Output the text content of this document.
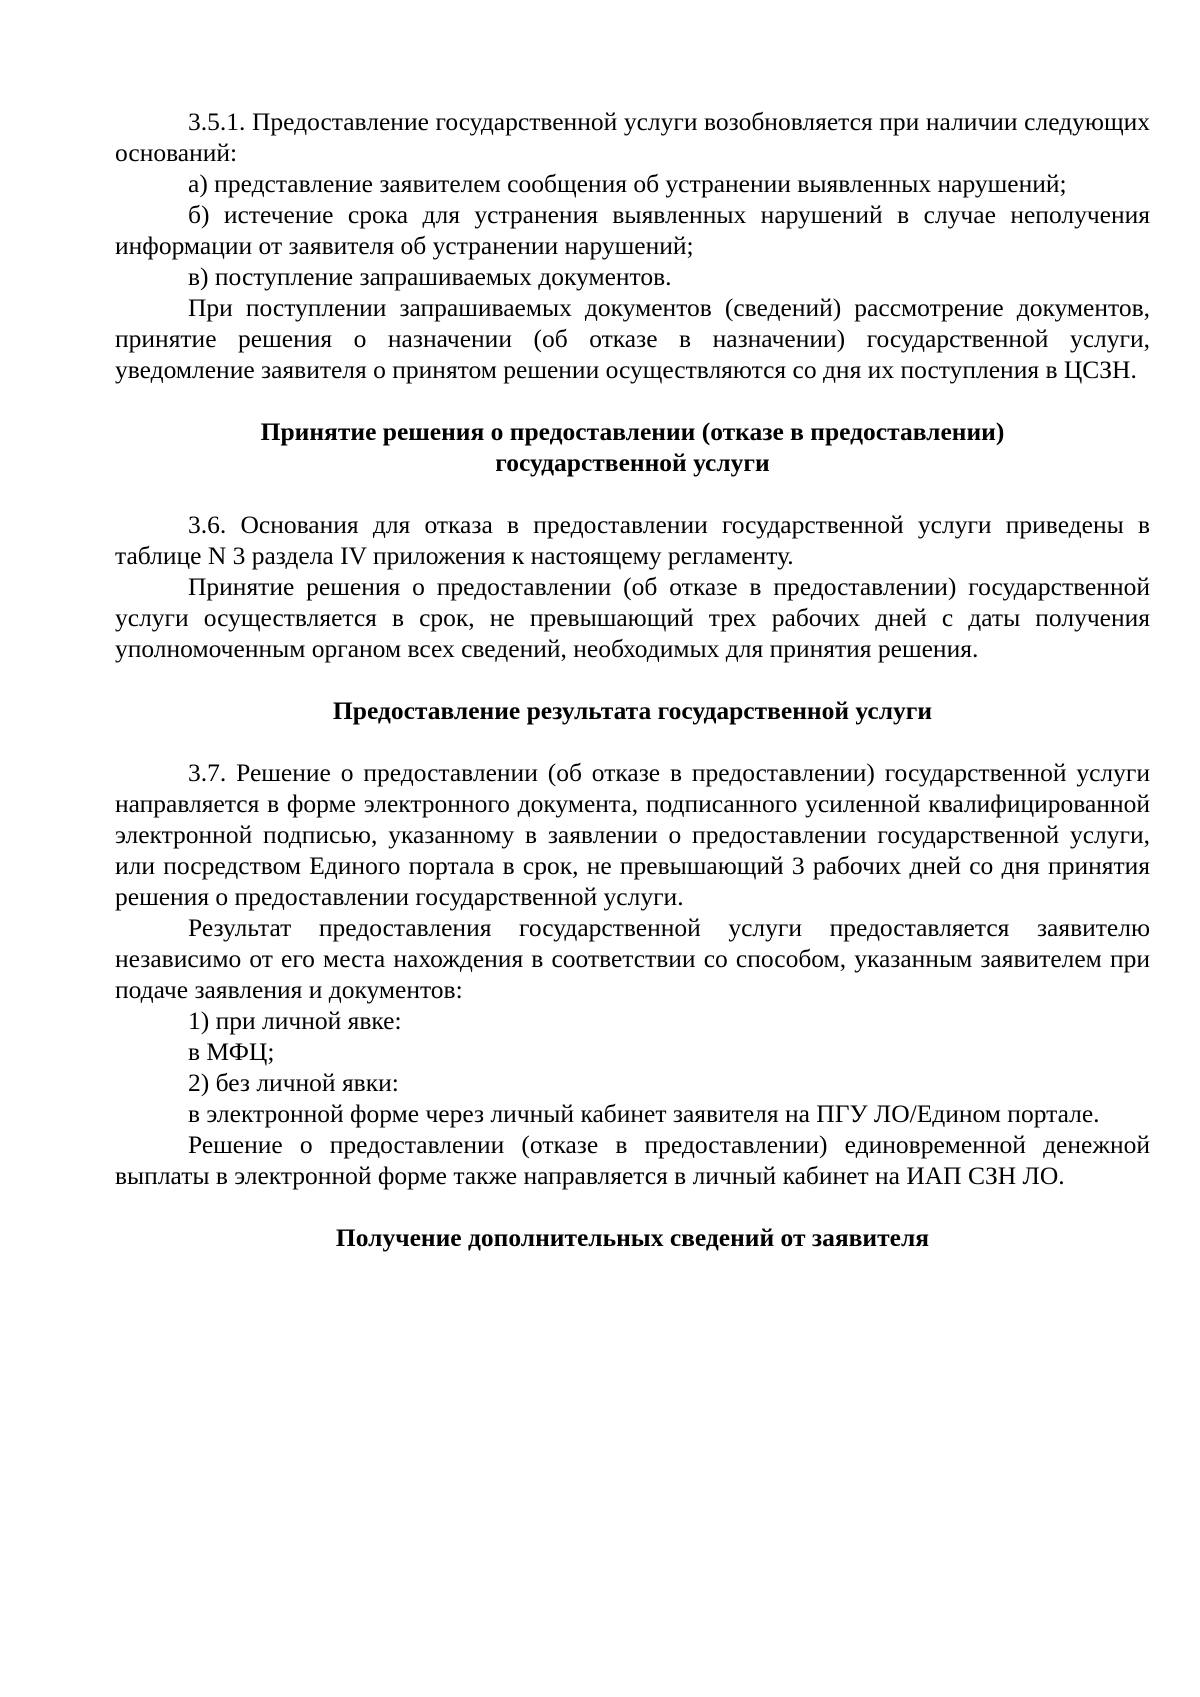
3.5.1. Предоставление государственной услуги возобновляется при наличии следующих оснований:

а) представление заявителем сообщения об устранении выявленных нарушений;

б) истечение срока для устранения выявленных нарушений в случае неполучения информации от заявителя об устранении нарушений;

в) поступление запрашиваемых документов.

При поступлении запрашиваемых документов (сведений) рассмотрение документов, принятие решения о назначении (об отказе в назначении) государственной услуги, уведомление заявителя о принятом решении осуществляются со дня их поступления в ЦСЗН.

Принятие решения о предоставлении (отказе в предоставлении)
государственной услуги

3.6. Основания для отказа в предоставлении государственной услуги приведены в таблице N 3 раздела IV приложения к настоящему регламенту.

Принятие решения о предоставлении (об отказе в предоставлении) государственной услуги осуществляется в срок, не превышающий трех рабочих дней с даты получения уполномоченным органом всех сведений, необходимых для принятия решения.

Предоставление результата государственной услуги

3.7. Решение о предоставлении (об отказе в предоставлении) государственной услуги направляется в форме электронного документа, подписанного усиленной квалифицированной электронной подписью, указанному в заявлении о предоставлении государственной услуги, или посредством Единого портала в срок, не превышающий 3 рабочих дней со дня принятия решения о предоставлении государственной услуги.

Результат предоставления государственной услуги предоставляется заявителю независимо от его места нахождения в соответствии со способом, указанным заявителем при подаче заявления и документов:

1) при личной явке:

в МФЦ;

2) без личной явки:

в электронной форме через личный кабинет заявителя на ПГУ ЛО/Едином портале.

Решение о предоставлении (отказе в предоставлении) единовременной денежной выплаты в электронной форме также направляется в личный кабинет на ИАП СЗН ЛО.

Получение дополнительных сведений от заявителя
